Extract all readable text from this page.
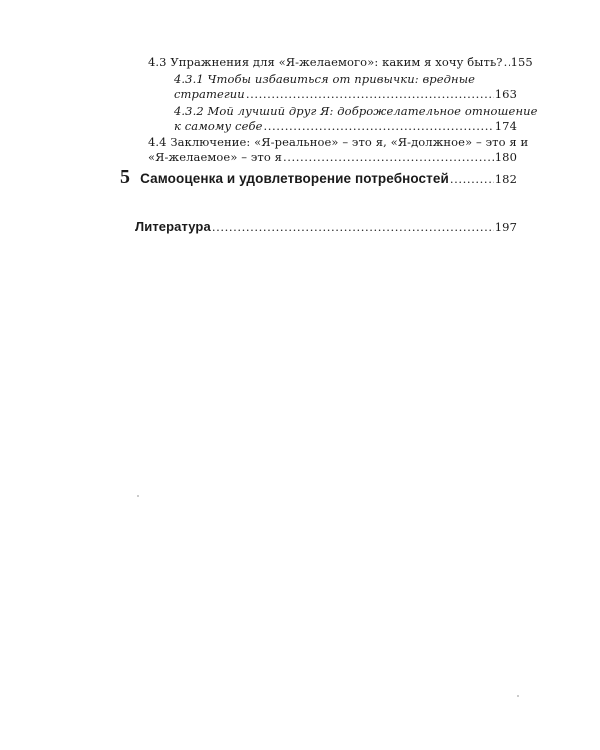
4.3 Упражнения для «Я-желаемого»: каким я хочу быть? ..... 155
4.3.1 Чтобы избавиться от привычки: вредные
стратегии .....	163
4.3.2 Мой лучший друг Я: доброжелательное отношение
к самому себе .....	174
4.4 Заключение: «Я-реальное» – это я, «Я-должное» – это я и
«Я-желаемое» – это я .....	180
5 Самооценка и удовлетворение потребностей .....	182
Литература .....	197
